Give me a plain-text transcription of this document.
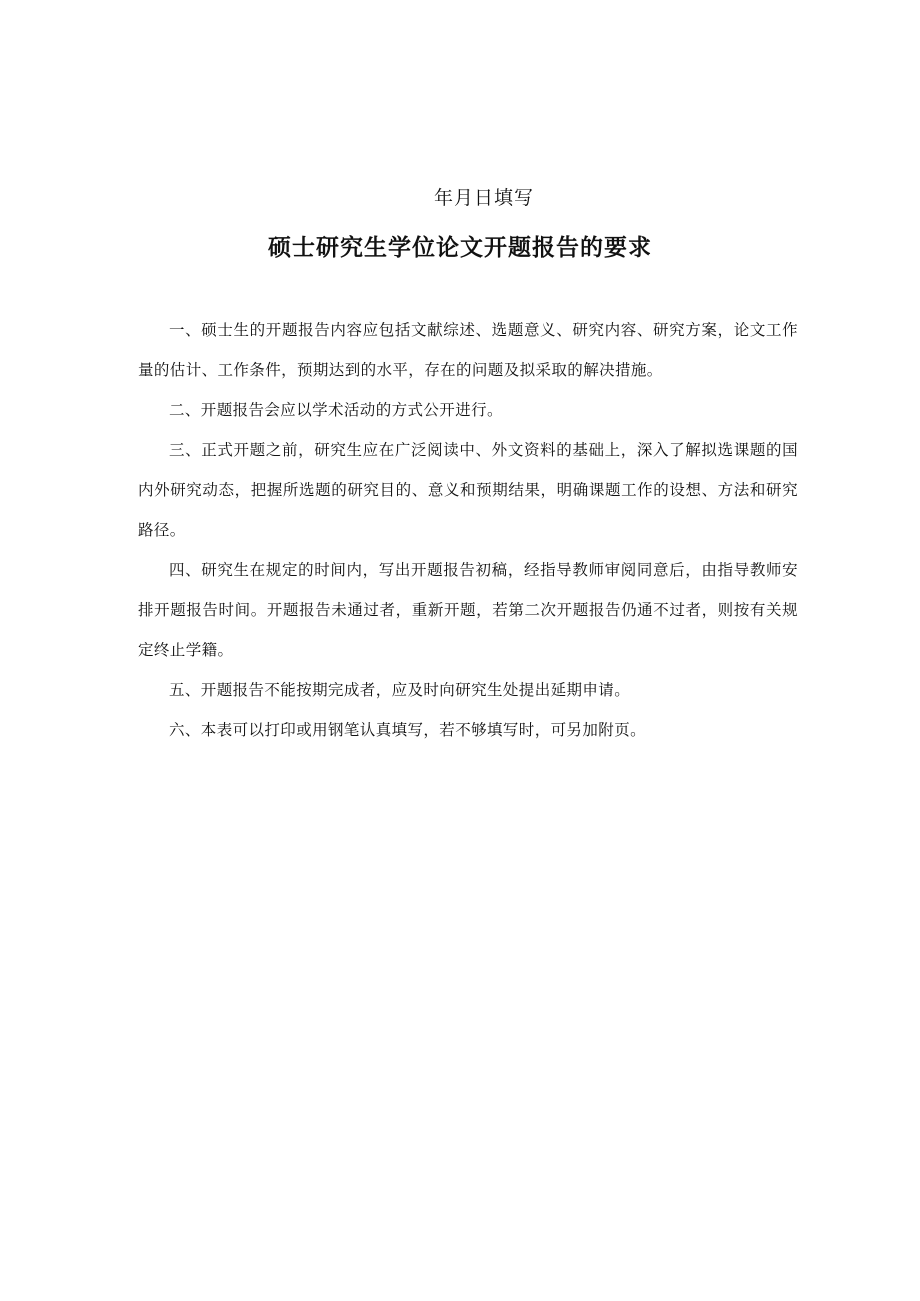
年月日填写
硕士研究生学位论文开题报告的要求

一、硕士生的开题报告内容应包括文献综述、选题意义、研究内容、研究方案，论文工作量的估计、工作条件，预期达到的水平，存在的问题及拟采取的解决措施。

二、开题报告会应以学术活动的方式公开进行。

三、正式开题之前，研究生应在广泛阅读中、外文资料的基础上，深入了解拟选课题的国内外研究动态，把握所选题的研究目的、意义和预期结果，明确课题工作的设想、方法和研究路径。

四、研究生在规定的时间内，写出开题报告初稿，经指导教师审阅同意后，由指导教师安排开题报告时间。开题报告未通过者，重新开题，若第二次开题报告仍通不过者，则按有关规定终止学籍。

五、开题报告不能按期完成者，应及时向研究生处提出延期申请。

六、本表可以打印或用钢笔认真填写，若不够填写时，可另加附页。
